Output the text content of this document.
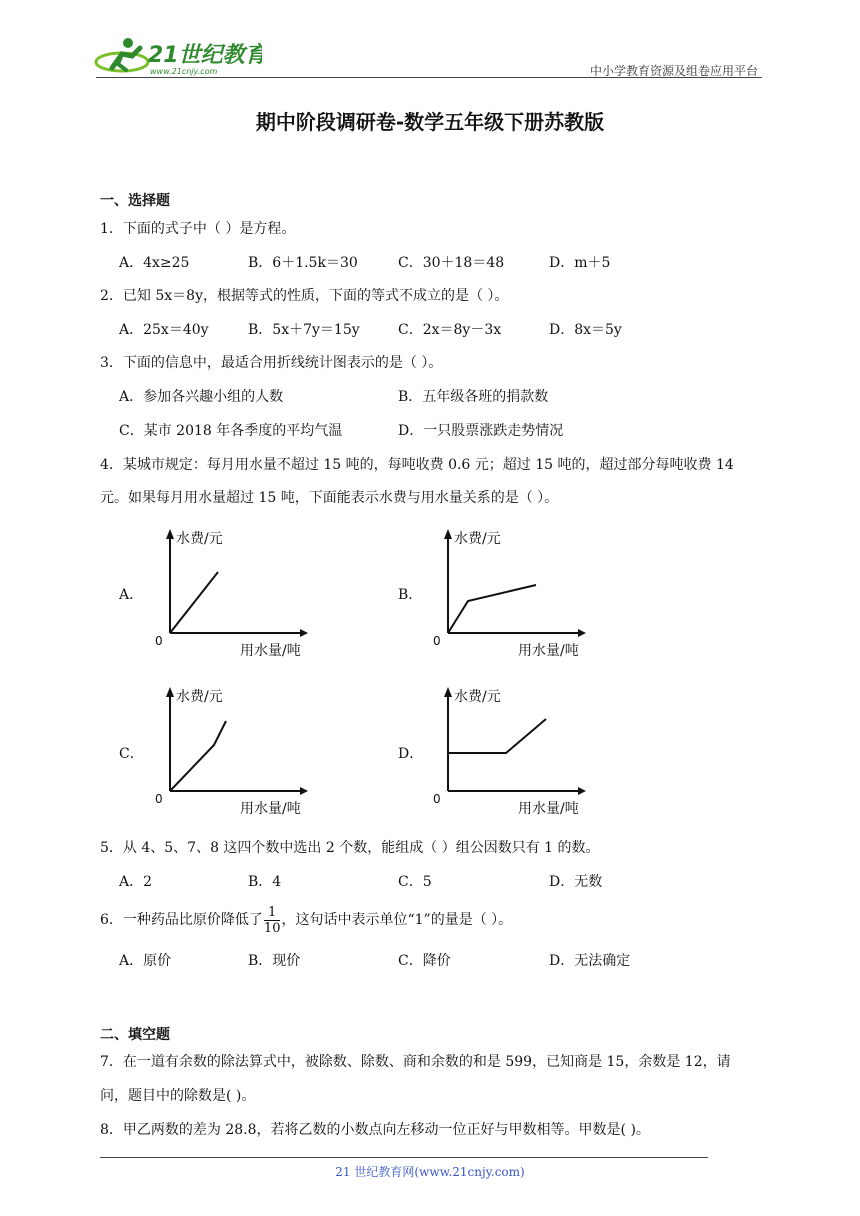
21世纪教育
www.21cnjy.com	中小学教育资源及组卷应用平台
期中阶段调研卷-数学五年级下册苏教版
一、选择题
1．下面的式子中（ ）是方程。
A．4x≥25	B．6＋1.5k＝30	C．30＋18＝48	D．m＋5
2．已知 5x＝8y，根据等式的性质，下面的等式不成立的是（ ）。
A．25x＝40y	B．5x＋7y＝15y	C．2x＝8y－3x	D．8x＝5y
3．下面的信息中，最适合用折线统计图表示的是（ ）。
A．参加各兴趣小组的人数	B．五年级各班的捐款数
C．某市 2018 年各季度的平均气温	D．一只股票涨跌走势情况
4．某城市规定：每月用水量不超过 15 吨的，每吨收费 0.6 元；超过 15 吨的，超过部分每吨收费 14
元。如果每月用水量超过 15 吨，下面能表示水费与用水量关系的是（ ）。
A．	B．
C．	D．
水费/元
用水量/吨
0
水费/元
用水量/吨
0
水费/元
用水量/吨
0
水费/元
用水量/吨
0
5．从 4、5、7、8 这四个数中选出 2 个数，能组成（ ）组公因数只有 1 的数。
A．2	B．4	C．5	D．无数
6．一种药品比原价降低了 $\frac{1}{10}$ ，这句话中表示单位“1”的量是（ ）。
A．原价	B．现价	C．降价	D．无法确定
二、填空题
7．在一道有余数的除法算式中，被除数、除数、商和余数的和是 599，已知商是 15，余数是 12，请
问，题目中的除数是( )。
8．甲乙两数的差为 28.8，若将乙数的小数点向左移动一位正好与甲数相等。甲数是( )。
21 世纪教育网(www.21cnjy.com)
